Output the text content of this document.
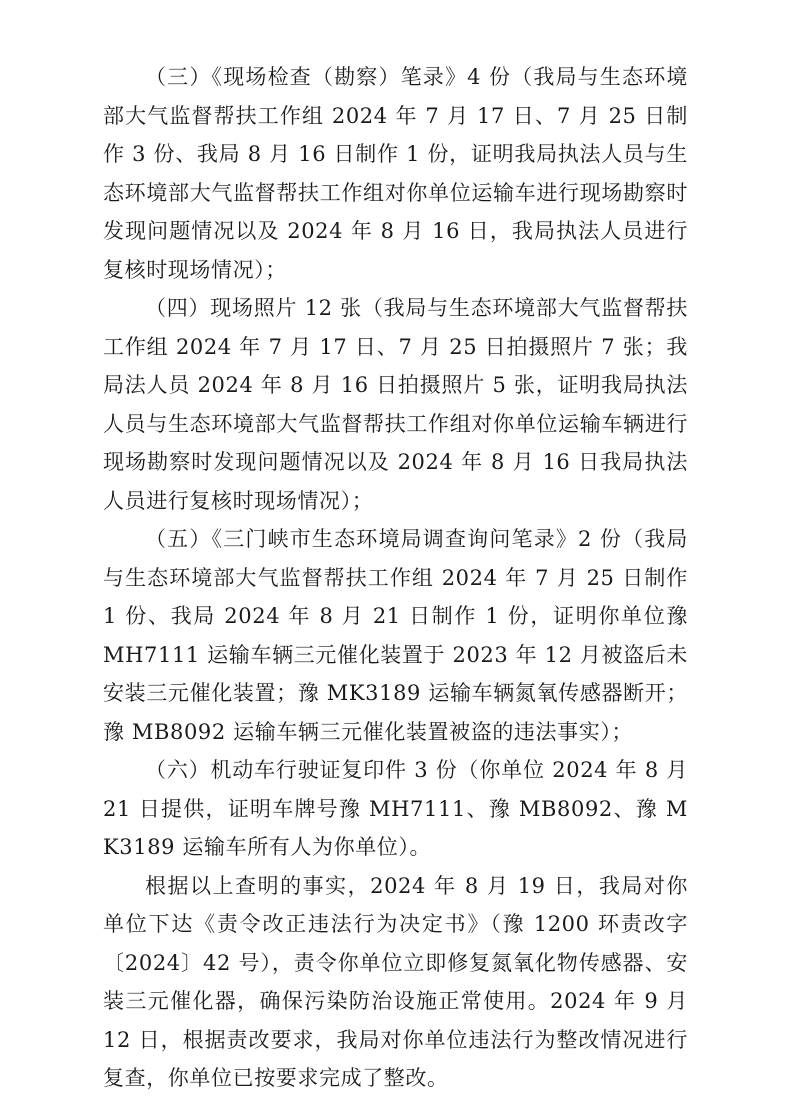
（三）《现场检查（勘察）笔录》4 份（我局与生态环境部大气监督帮扶工作组 2024 年 7 月 17 日、7 月 25 日制作 3 份、我局 8 月 16 日制作 1 份，证明我局执法人员与生态环境部大气监督帮扶工作组对你单位运输车进行现场勘察时发现问题情况以及 2024 年 8 月 16 日，我局执法人员进行复核时现场情况）；

（四）现场照片 12 张（我局与生态环境部大气监督帮扶工作组 2024 年 7 月 17 日、7 月 25 日拍摄照片 7 张；我局法人员 2024 年 8 月 16 日拍摄照片 5 张，证明我局执法人员与生态环境部大气监督帮扶工作组对你单位运输车辆进行现场勘察时发现问题情况以及 2024 年 8 月 16 日我局执法人员进行复核时现场情况）；

（五）《三门峡市生态环境局调查询问笔录》2 份（我局与生态环境部大气监督帮扶工作组 2024 年 7 月 25 日制作 1 份、我局 2024 年 8 月 21 日制作 1 份，证明你单位豫 MH7111 运输车辆三元催化装置于 2023 年 12 月被盗后未安装三元催化装置；豫 MK3189 运输车辆氮氧传感器断开；豫 MB8092 运输车辆三元催化装置被盗的违法事实）；

（六）机动车行驶证复印件 3 份（你单位 2024 年 8 月 21 日提供，证明车牌号豫 MH7111、豫 MB8092、豫 MK3189 运输车所有人为你单位）。

根据以上查明的事实，2024 年 8 月 19 日，我局对你单位下达《责令改正违法行为决定书》（豫 1200 环责改字〔2024〕42 号），责令你单位立即修复氮氧化物传感器、安装三元催化器，确保污染防治设施正常使用。2024 年 9 月 12 日，根据责改要求，我局对你单位违法行为整改情况进行复查，你单位已按要求完成了整改。
